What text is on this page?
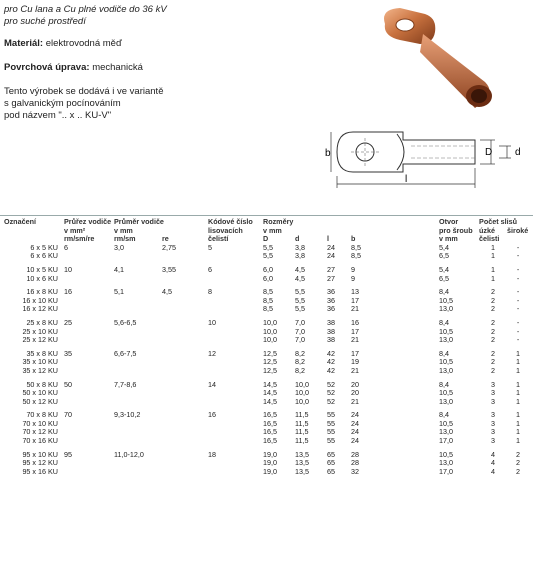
pro Cu lana a Cu plné vodiče do 36 kV

pro suché prostředí

Materiál: elektrovodná měď

Povrchová úprava: mechanická

Tento výrobek se dodává i ve variantě

s galvanickým pocínováním

pod názvem ".. x .. KU-V"

b	D d
l
Označení	Průřez vodiče	Průměr vodiče		Kódové číslo	Rozměry				Otvor	Počet slisů	
	v mm²	v mm		lisovacích	v mm				pro šroub	úzké	široké
	rm/sm/re	rm/sm	re	čelistí	D	d	l	b	v mm	čelisti	
6 x 5 KU	6	3,0	2,75	5	5,5	3,8	24	8,5	5,4	1	-
6 x 6 KU					5,5	3,8	24	8,5	6,5	1	-
10 x 5 KU	10	4,1	3,55	6	6,0	4,5	27	9	5,4	1	-
10 x 6 KU					6,0	4,5	27	9	6,5	1	-
16 x 8 KU	16	5,1	4,5	8	8,5	5,5	36	13	8,4	2	-
16 x 10 KU					8,5	5,5	36	17	10,5	2	-
16 x 12 KU					8,5	5,5	36	21	13,0	2	-
25 x 8 KU	25	5,6-6,5		10	10,0	7,0	38	16	8,4	2	-
25 x 10 KU					10,0	7,0	38	17	10,5	2	-
25 x 12 KU					10,0	7,0	38	21	13,0	2	-
35 x 8 KU	35	6,6-7,5		12	12,5	8,2	42	17	8,4	2	1
35 x 10 KU					12,5	8,2	42	19	10,5	2	1
35 x 12 KU					12,5	8,2	42	21	13,0	2	1
50 x 8 KU	50	7,7-8,6		14	14,5	10,0	52	20	8,4	3	1
50 x 10 KU					14,5	10,0	52	20	10,5	3	1
50 x 12 KU					14,5	10,0	52	21	13,0	3	1
70 x 8 KU	70	9,3-10,2		16	16,5	11,5	55	24	8,4	3	1
70 x 10 KU					16,5	11,5	55	24	10,5	3	1
70 x 12 KU					16,5	11,5	55	24	13,0	3	1
70 x 16 KU					16,5	11,5	55	24	17,0	3	1
95 x 10 KU	95	11,0-12,0		18	19,0	13,5	65	28	10,5	4	2
95 x 12 KU					19,0	13,5	65	28	13,0	4	2
95 x 16 KU					19,0	13,5	65	32	17,0	4	2
